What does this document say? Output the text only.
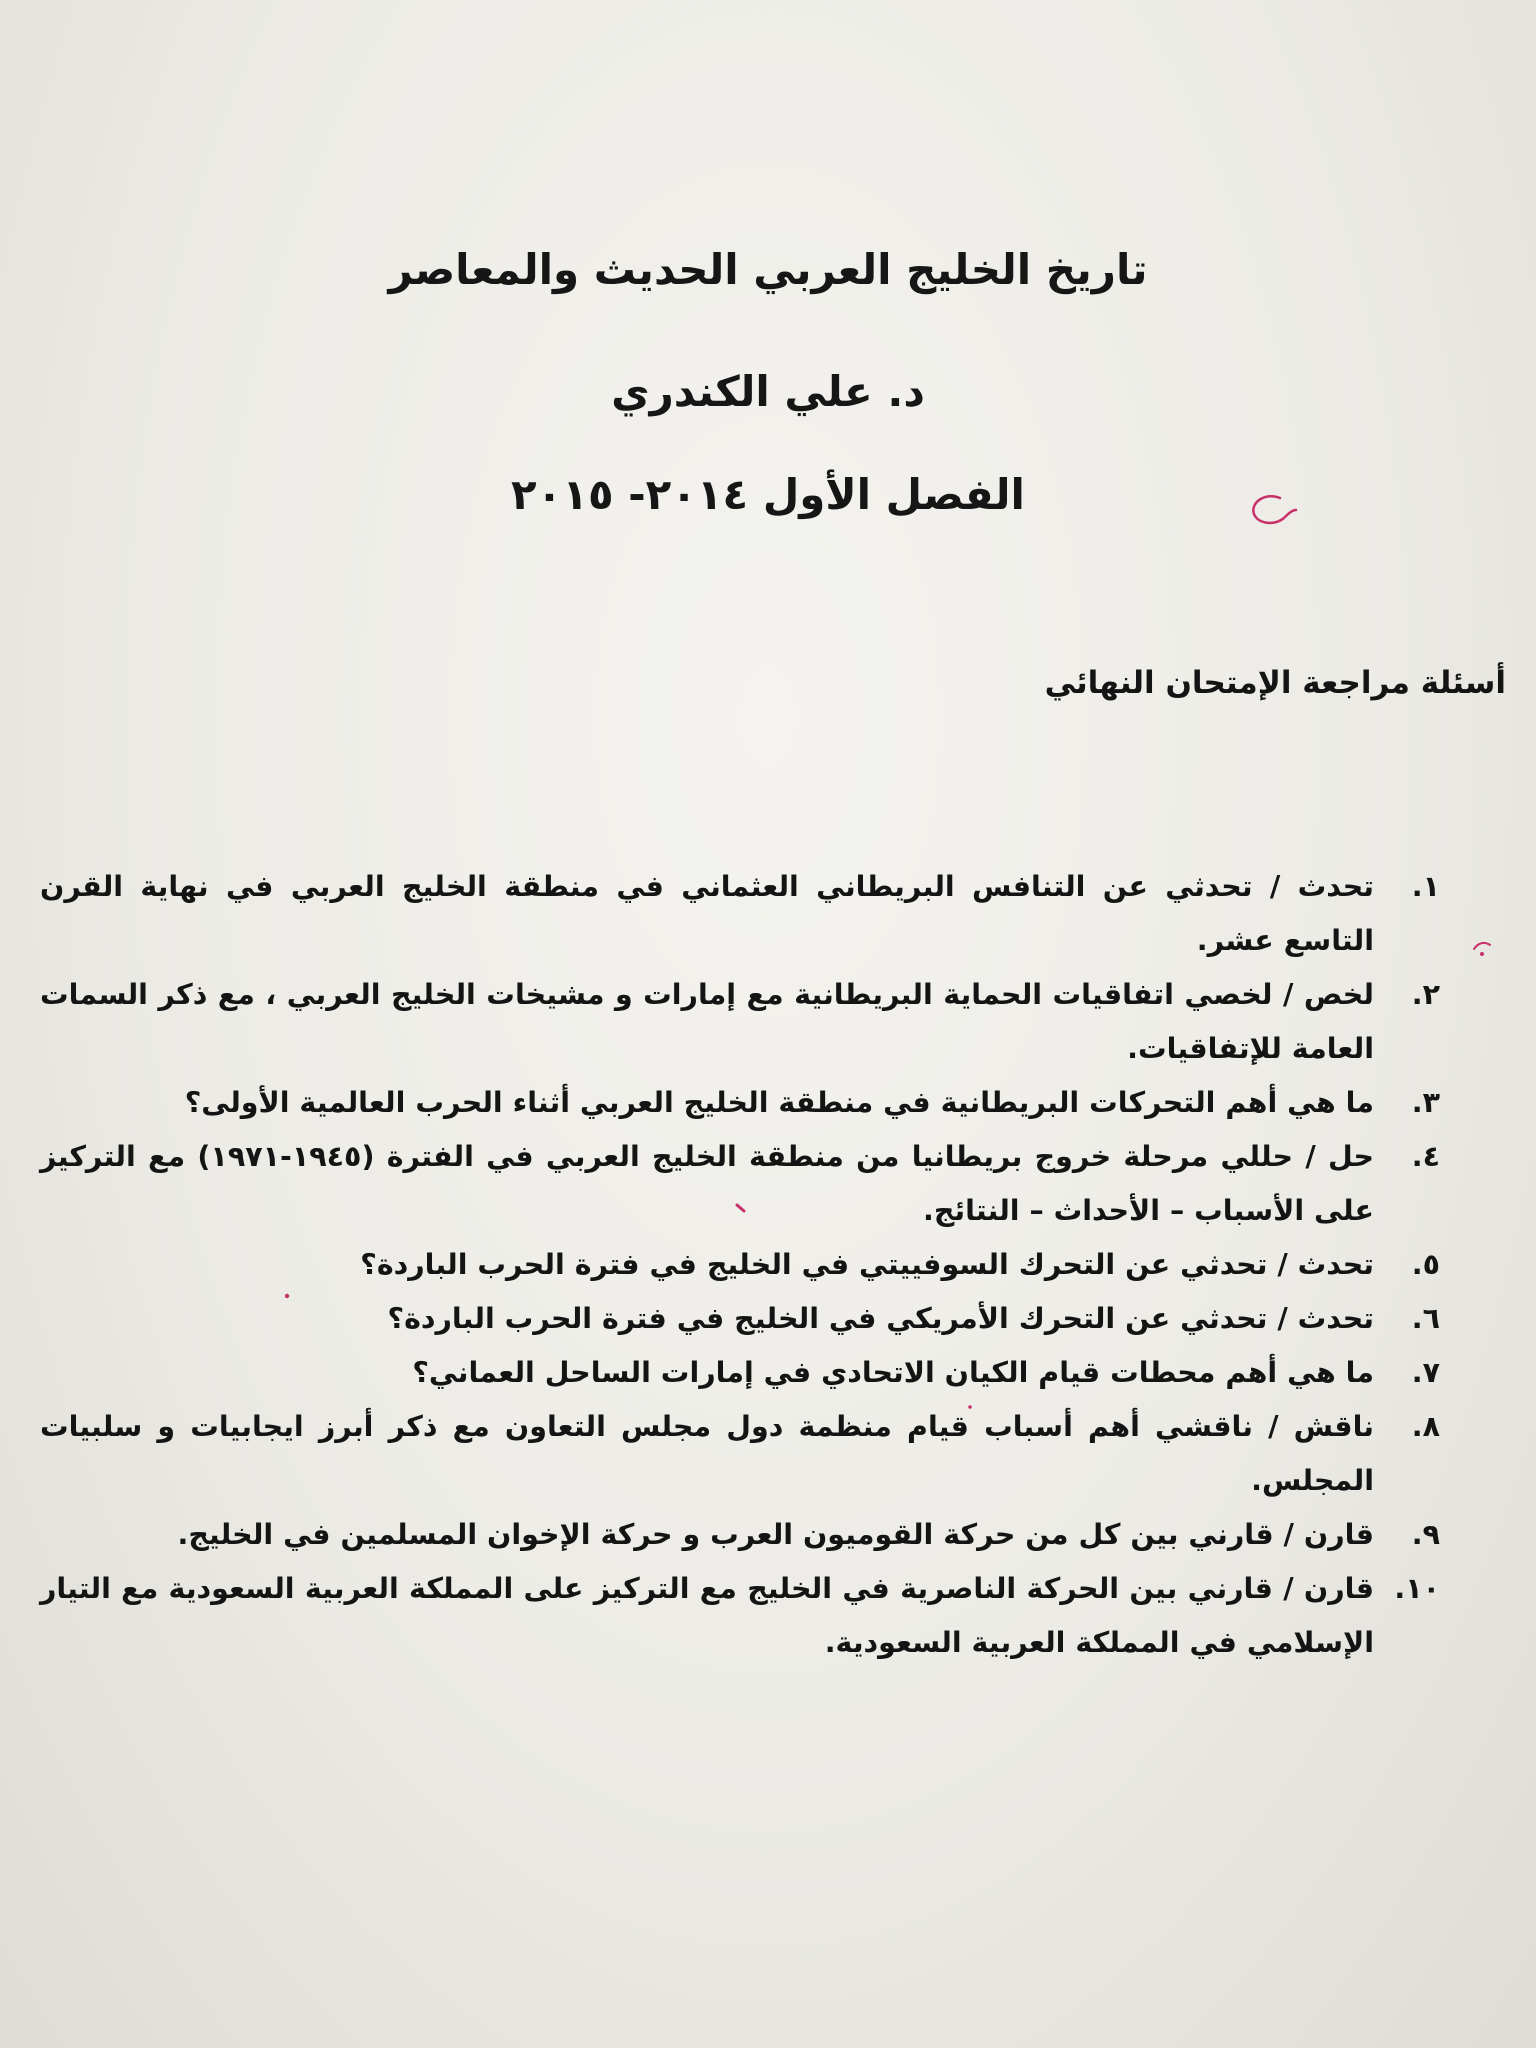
تاريخ الخليج العربي الحديث والمعاصر
د. علي الكندري
الفصل الأول ٢٠١٤- ٢٠١٥
أسئلة مراجعة الإمتحان النهائي
١.
تحدث / تحدثي عن التنافس البريطاني العثماني في منطقة الخليج العربي في نهاية القرن التاسع عشر.
٢.
لخص / لخصي اتفاقيات الحماية البريطانية مع إمارات و مشيخات الخليج العربي ، مع ذكر السمات العامة للإتفاقيات.
٣.
ما هي أهم التحركات البريطانية في منطقة الخليج العربي أثناء الحرب العالمية الأولى؟
٤.
حل / حللي مرحلة خروج بريطانيا من منطقة الخليج العربي في الفترة (١٩٤٥-١٩٧١) مع التركيز على الأسباب – الأحداث – النتائج.
٥.
تحدث / تحدثي عن التحرك السوفييتي في الخليج في فترة الحرب الباردة؟
٦.
تحدث / تحدثي عن التحرك الأمريكي في الخليج في فترة الحرب الباردة؟
٧.
ما هي أهم محطات قيام الكيان الاتحادي في إمارات الساحل العماني؟
٨.
ناقش / ناقشي أهم أسباب قيام منظمة دول مجلس التعاون مع ذكر أبرز ايجابيات و سلبيات المجلس.
٩.
قارن / قارني بين كل من حركة القوميون العرب و حركة الإخوان المسلمين في الخليج.
١٠.
قارن / قارني بين الحركة الناصرية في الخليج مع التركيز على المملكة العربية السعودية مع التيار الإسلامي في المملكة العربية السعودية.
